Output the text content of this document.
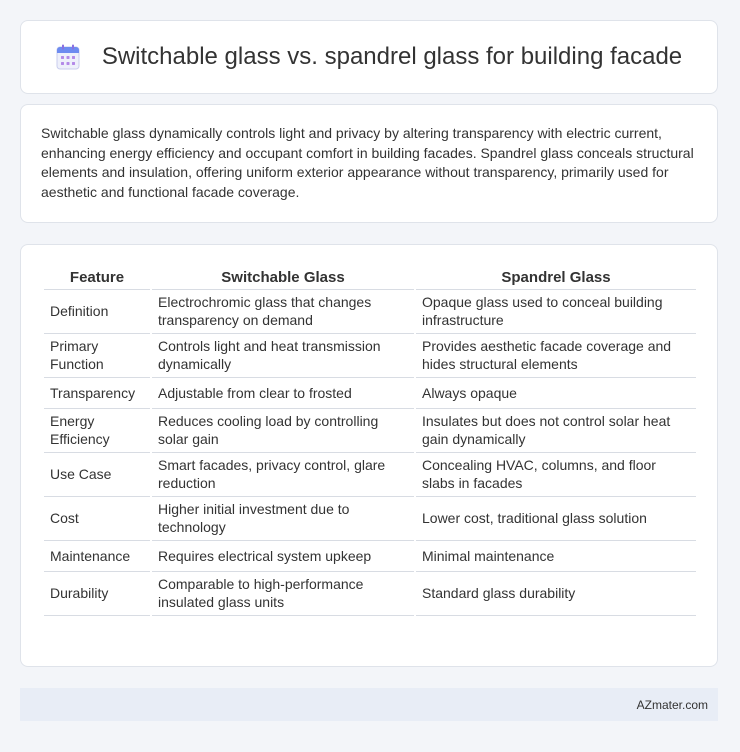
Switchable glass vs. spandrel glass for building facade

Switchable glass dynamically controls light and privacy by altering transparency with electric current, enhancing energy efficiency and occupant comfort in building facades. Spandrel glass conceals structural elements and insulation, offering uniform exterior appearance without transparency, primarily used for aesthetic and functional facade coverage.

Feature	Switchable Glass	Spandrel Glass
Definition	Electrochromic glass that changes transparency on demand	Opaque glass used to conceal building infrastructure
Primary Function	Controls light and heat transmission dynamically	Provides aesthetic facade coverage and hides structural elements
Transparency	Adjustable from clear to frosted	Always opaque
Energy Efficiency	Reduces cooling load by controlling solar gain	Insulates but does not control solar heat gain dynamically
Use Case	Smart facades, privacy control, glare reduction	Concealing HVAC, columns, and floor slabs in facades
Cost	Higher initial investment due to technology	Lower cost, traditional glass solution
Maintenance	Requires electrical system upkeep	Minimal maintenance
Durability	Comparable to high-performance insulated glass units	Standard glass durability
AZmater.com
